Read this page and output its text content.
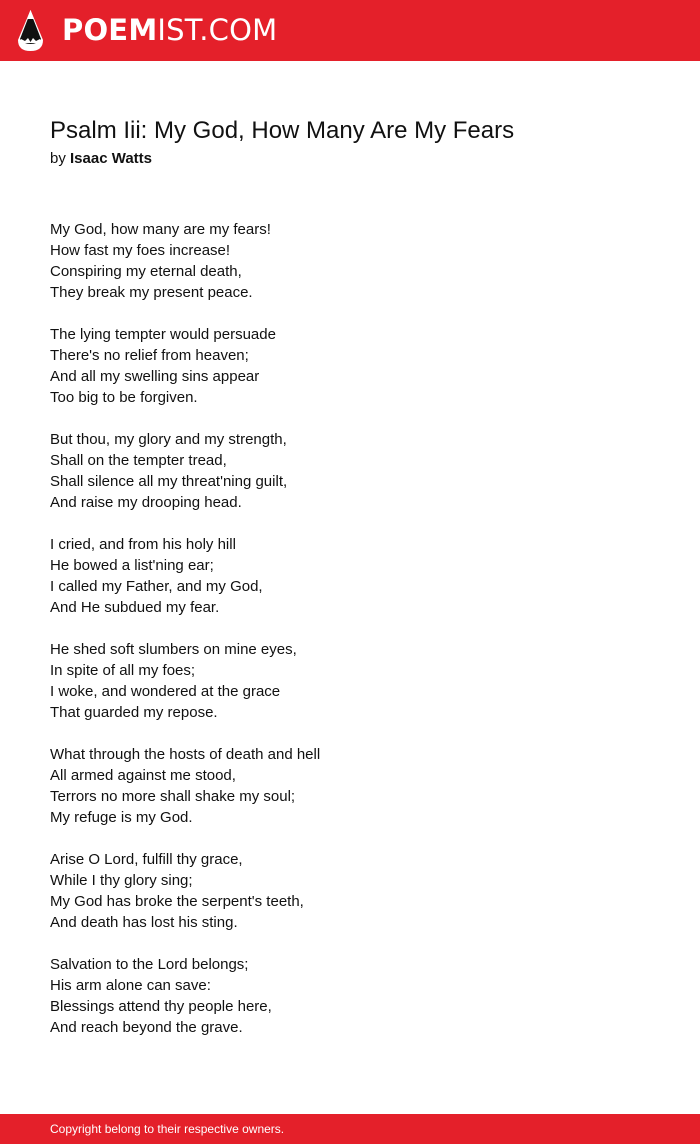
POEMIST.COM
Psalm Iii: My God, How Many Are My Fears
by Isaac Watts
My God, how many are my fears!
How fast my foes increase!
Conspiring my eternal death,
They break my present peace.
The lying tempter would persuade
There's no relief from heaven;
And all my swelling sins appear
Too big to be forgiven.
But thou, my glory and my strength,
Shall on the tempter tread,
Shall silence all my threat'ning guilt,
And raise my drooping head.
I cried, and from his holy hill
He bowed a list'ning ear;
I called my Father, and my God,
And He subdued my fear.
He shed soft slumbers on mine eyes,
In spite of all my foes;
I woke, and wondered at the grace
That guarded my repose.
What through the hosts of death and hell
All armed against me stood,
Terrors no more shall shake my soul;
My refuge is my God.
Arise O Lord, fulfill thy grace,
While I thy glory sing;
My God has broke the serpent's teeth,
And death has lost his sting.
Salvation to the Lord belongs;
His arm alone can save:
Blessings attend thy people here,
And reach beyond the grave.
Copyright belong to their respective owners.
